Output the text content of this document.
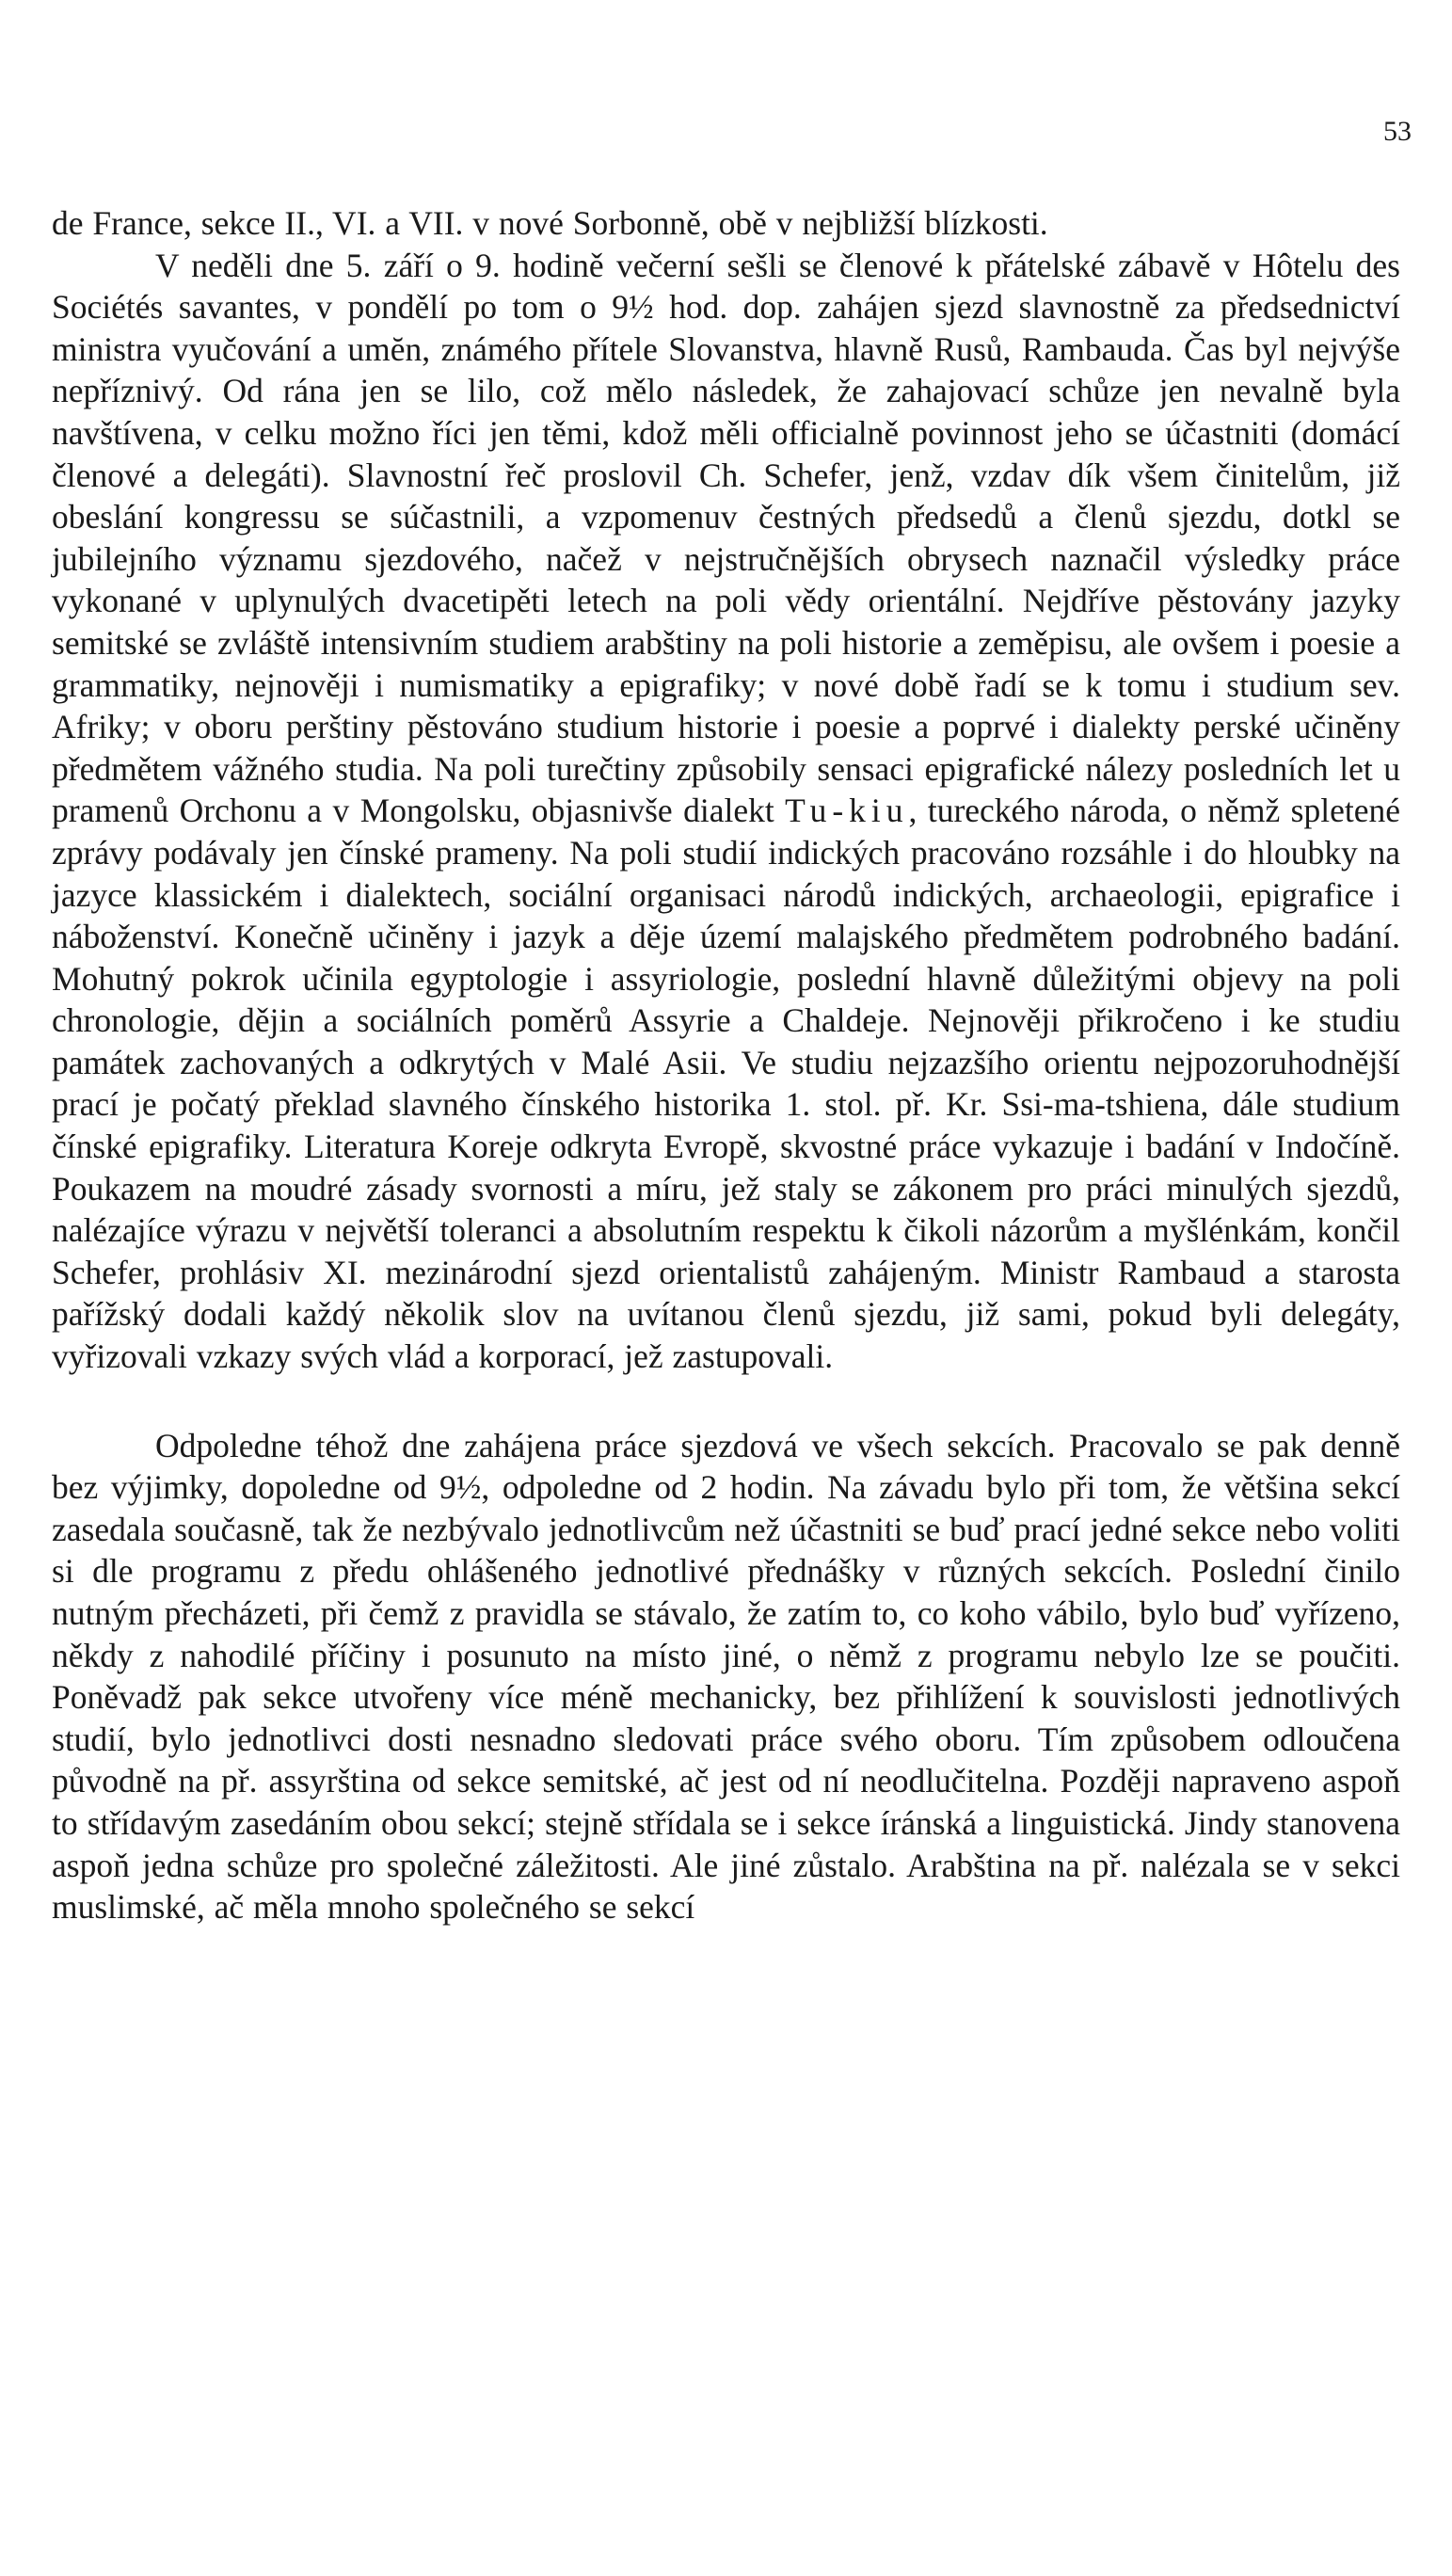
53

de France, sekce II., VI. a VII. v nové Sorbonně, obě v nejbližší blízkosti.

V neděli dne 5. září o 9. hodině večerní sešli se členové k přátelské zábavě v Hôtelu des Sociétés savantes, v pondělí po tom o 9½ hod. dop. zahájen sjezd slavnostně za předsednictví ministra vyučování a umĕn, známého přítele Slovanstva, hlavně Rusů, Rambauda. Čas byl nejvýše nepříznivý. Od rána jen se lilo, což mělo následek, že zahajovací schůze jen nevalně byla navštívena, v celku možno říci jen těmi, kdož měli officialně povinnost jeho se účastniti (domácí členové a delegáti). Slavnostní řeč proslovil Ch. Schefer, jenž, vzdav dík všem činitelům, již obeslání kongressu se súčastnili, a vzpomenuv čestných předsedů a členů sjezdu, dotkl se jubilejního významu sjezdového, načež v nejstručnějších obrysech naznačil výsledky práce vykonané v uplynulých dvacetipěti letech na poli vědy orientální. Nejdříve pěstovány jazyky semitské se zvláště intensivním studiem arabštiny na poli historie a zeměpisu, ale ovšem i poesie a grammatiky, nejnověji i numismatiky a epigrafiky; v nové době řadí se k tomu i studium sev. Afriky; v oboru perštiny pěstováno studium historie i poesie a poprvé i dialekty perské učiněny předmětem vážného studia. Na poli turečtiny způsobily sensaci epigrafické nálezy posledních let u pramenů Orchonu a v Mongolsku, objasnivše dialekt Tu-kiu, tureckého národa, o němž spletené zprávy podávaly jen čínské prameny. Na poli studií indických pracováno rozsáhle i do hloubky na jazyce klassickém i dialektech, sociální organisaci národů indických, archaeologii, epigrafice i náboženství. Konečně učiněny i jazyk a děje území malajského předmětem podrobného badání. Mohutný pokrok učinila egyptologie i assyriologie, poslední hlavně důležitými objevy na poli chronologie, dějin a sociálních poměrů Assyrie a Chaldeje. Nejnověji přikročeno i ke studiu památek zachovaných a odkrytých v Malé Asii. Ve studiu nejzazšího orientu nejpozoruhodnější prací je počatý překlad slavného čínského historika 1. stol. př. Kr. Ssi-ma-tshiena, dále studium čínské epigrafiky. Literatura Koreje odkryta Evropě, skvostné práce vykazuje i badání v Indočíně. Poukazem na moudré zásady svornosti a míru, jež staly se zákonem pro práci minulých sjezdů, nalézajíce výrazu v největší toleranci a absolutním respektu k čikoli názorům a myšlénkám, končil Schefer, prohlásiv XI. mezinárodní sjezd orientalistů zahájeným. Ministr Rambaud a starosta pařížský dodali každý několik slov na uvítanou členů sjezdu, již sami, pokud byli delegáty, vyřizovali vzkazy svých vlád a korporací, jež zastupovali.

Odpoledne téhož dne zahájena práce sjezdová ve všech sekcích. Pracovalo se pak denně bez výjimky, dopoledne od 9½, odpoledne od 2 hodin. Na závadu bylo při tom, že většina sekcí zasedala současně, tak že nezbývalo jednotlivcům než účastniti se buď prací jedné sekce nebo voliti si dle programu z předu ohlášeného jednotlivé přednášky v různých sekcích. Poslední činilo nutným přecházeti, při čemž z pravidla se stávalo, že zatím to, co koho vábilo, bylo buď vyřízeno, někdy z nahodilé příčiny i posunuto na místo jiné, o němž z programu nebylo lze se poučiti. Poněvadž pak sekce utvořeny více méně mechanicky, bez přihlížení k souvislosti jednotlivých studií, bylo jednotlivci dosti nesnadno sledovati práce svého oboru. Tím způsobem odloučena původně na př. assyrština od sekce semitské, ač jest od ní neodlučitelna. Později napraveno aspoň to střídavým zasedáním obou sekcí; stejně střídala se i sekce íránská a linguistická. Jindy stanovena aspoň jedna schůze pro společné záležitosti. Ale jiné zůstalo. Arabština na př. nalézala se v sekci muslimské, ač měla mnoho společného se sekcí
